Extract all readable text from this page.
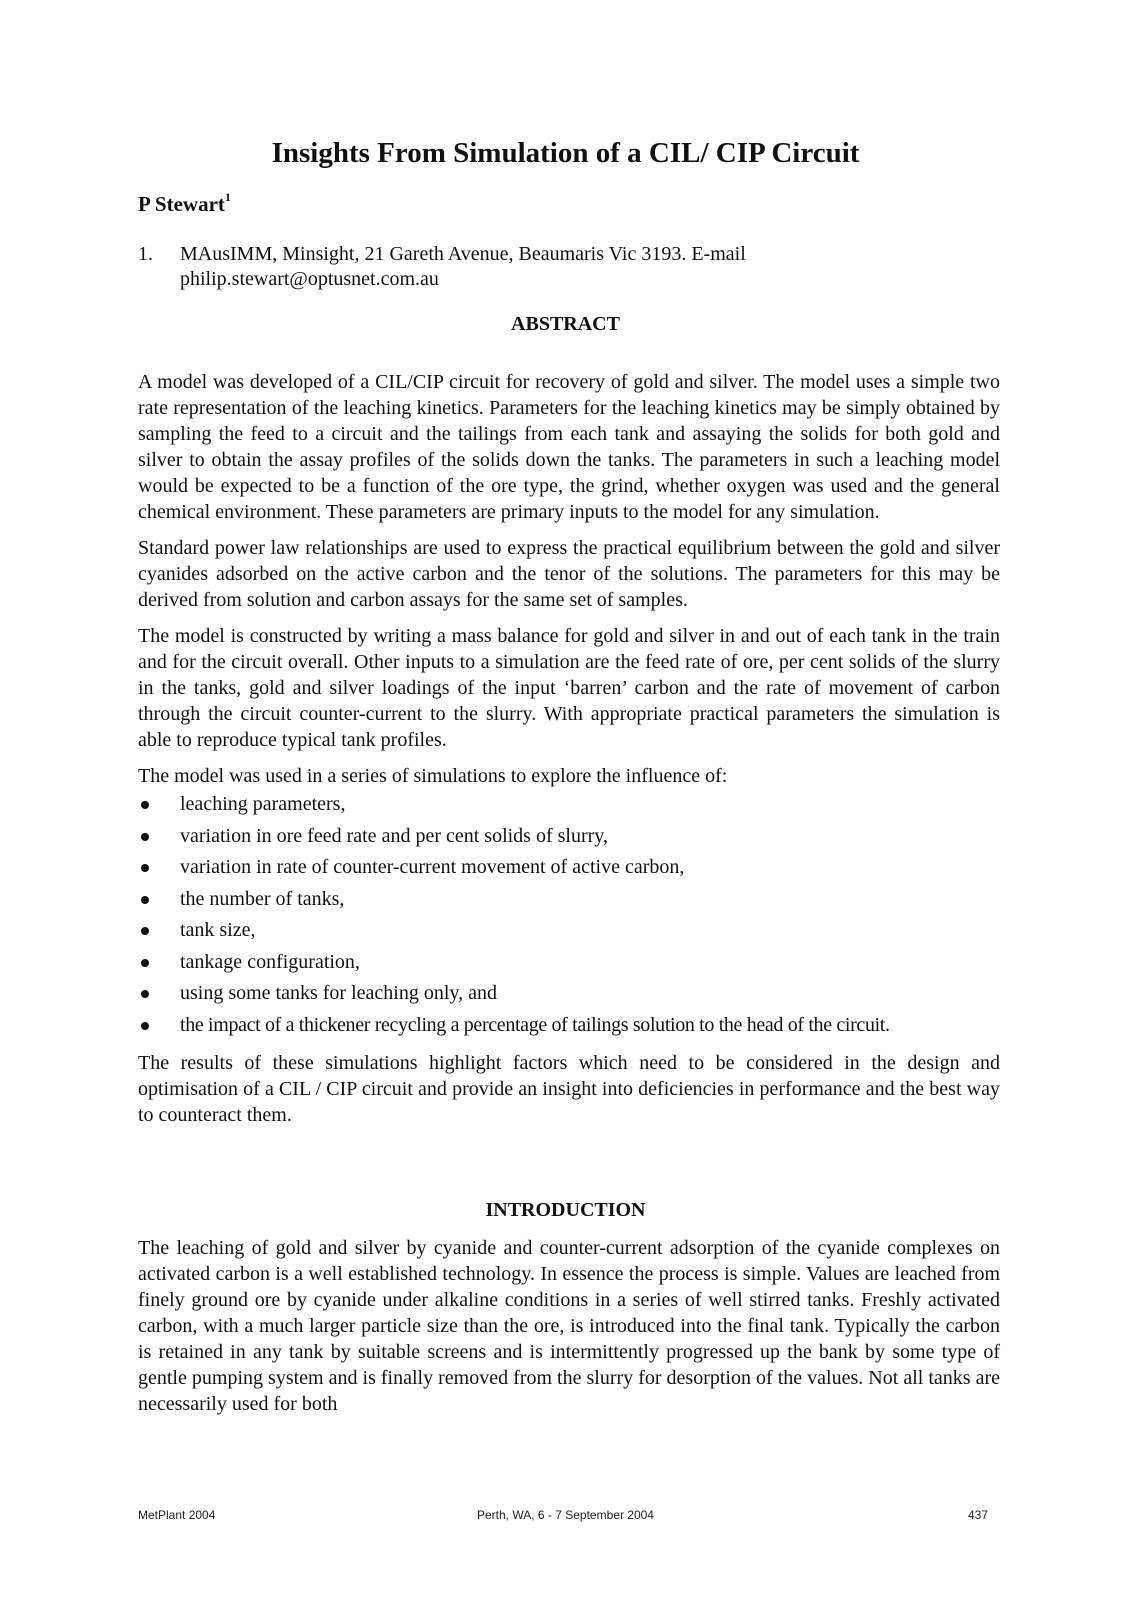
Insights From Simulation of a CIL/ CIP Circuit
P Stewart$^1$
1.	MAusIMM, Minsight, 21 Gareth Avenue, Beaumaris Vic 3193. E-mail
philip.stewart@optusnet.com.au
ABSTRACT

A model was developed of a CIL/CIP circuit for recovery of gold and silver. The model uses a simple two rate representation of the leaching kinetics. Parameters for the leaching kinetics may be simply obtained by sampling the feed to a circuit and the tailings from each tank and assaying the solids for both gold and silver to obtain the assay profiles of the solids down the tanks. The parameters in such a leaching model would be expected to be a function of the ore type, the grind, whether oxygen was used and the general chemical environment. These parameters are primary inputs to the model for any simulation.

Standard power law relationships are used to express the practical equilibrium between the gold and silver cyanides adsorbed on the active carbon and the tenor of the solutions. The parameters for this may be derived from solution and carbon assays for the same set of samples.

The model is constructed by writing a mass balance for gold and silver in and out of each tank in the train and for the circuit overall. Other inputs to a simulation are the feed rate of ore, per cent solids of the slurry in the tanks, gold and silver loadings of the input ‘barren’ carbon and the rate of movement of carbon through the circuit counter-current to the slurry. With appropriate practical parameters the simulation is able to reproduce typical tank profiles.

The model was used in a series of simulations to explore the influence of:

leaching parameters,
variation in ore feed rate and per cent solids of slurry,
variation in rate of counter-current movement of active carbon,
the number of tanks,
tank size,
tankage configuration,
using some tanks for leaching only, and
the impact of a thickener recycling a percentage of tailings solution to the head of the circuit.

The results of these simulations highlight factors which need to be considered in the design and optimisation of a CIL / CIP circuit and provide an insight into deficiencies in performance and the best way to counteract them.

INTRODUCTION

The leaching of gold and silver by cyanide and counter-current adsorption of the cyanide complexes on activated carbon is a well established technology. In essence the process is simple. Values are leached from finely ground ore by cyanide under alkaline conditions in a series of well stirred tanks. Freshly activated carbon, with a much larger particle size than the ore, is introduced into the final tank. Typically the carbon is retained in any tank by suitable screens and is intermittently progressed up the bank by some type of gentle pumping system and is finally removed from the slurry for desorption of the values. Not all tanks are necessarily used for both

MetPlant 2004	Perth, WA, 6 - 7 September 2004	437
